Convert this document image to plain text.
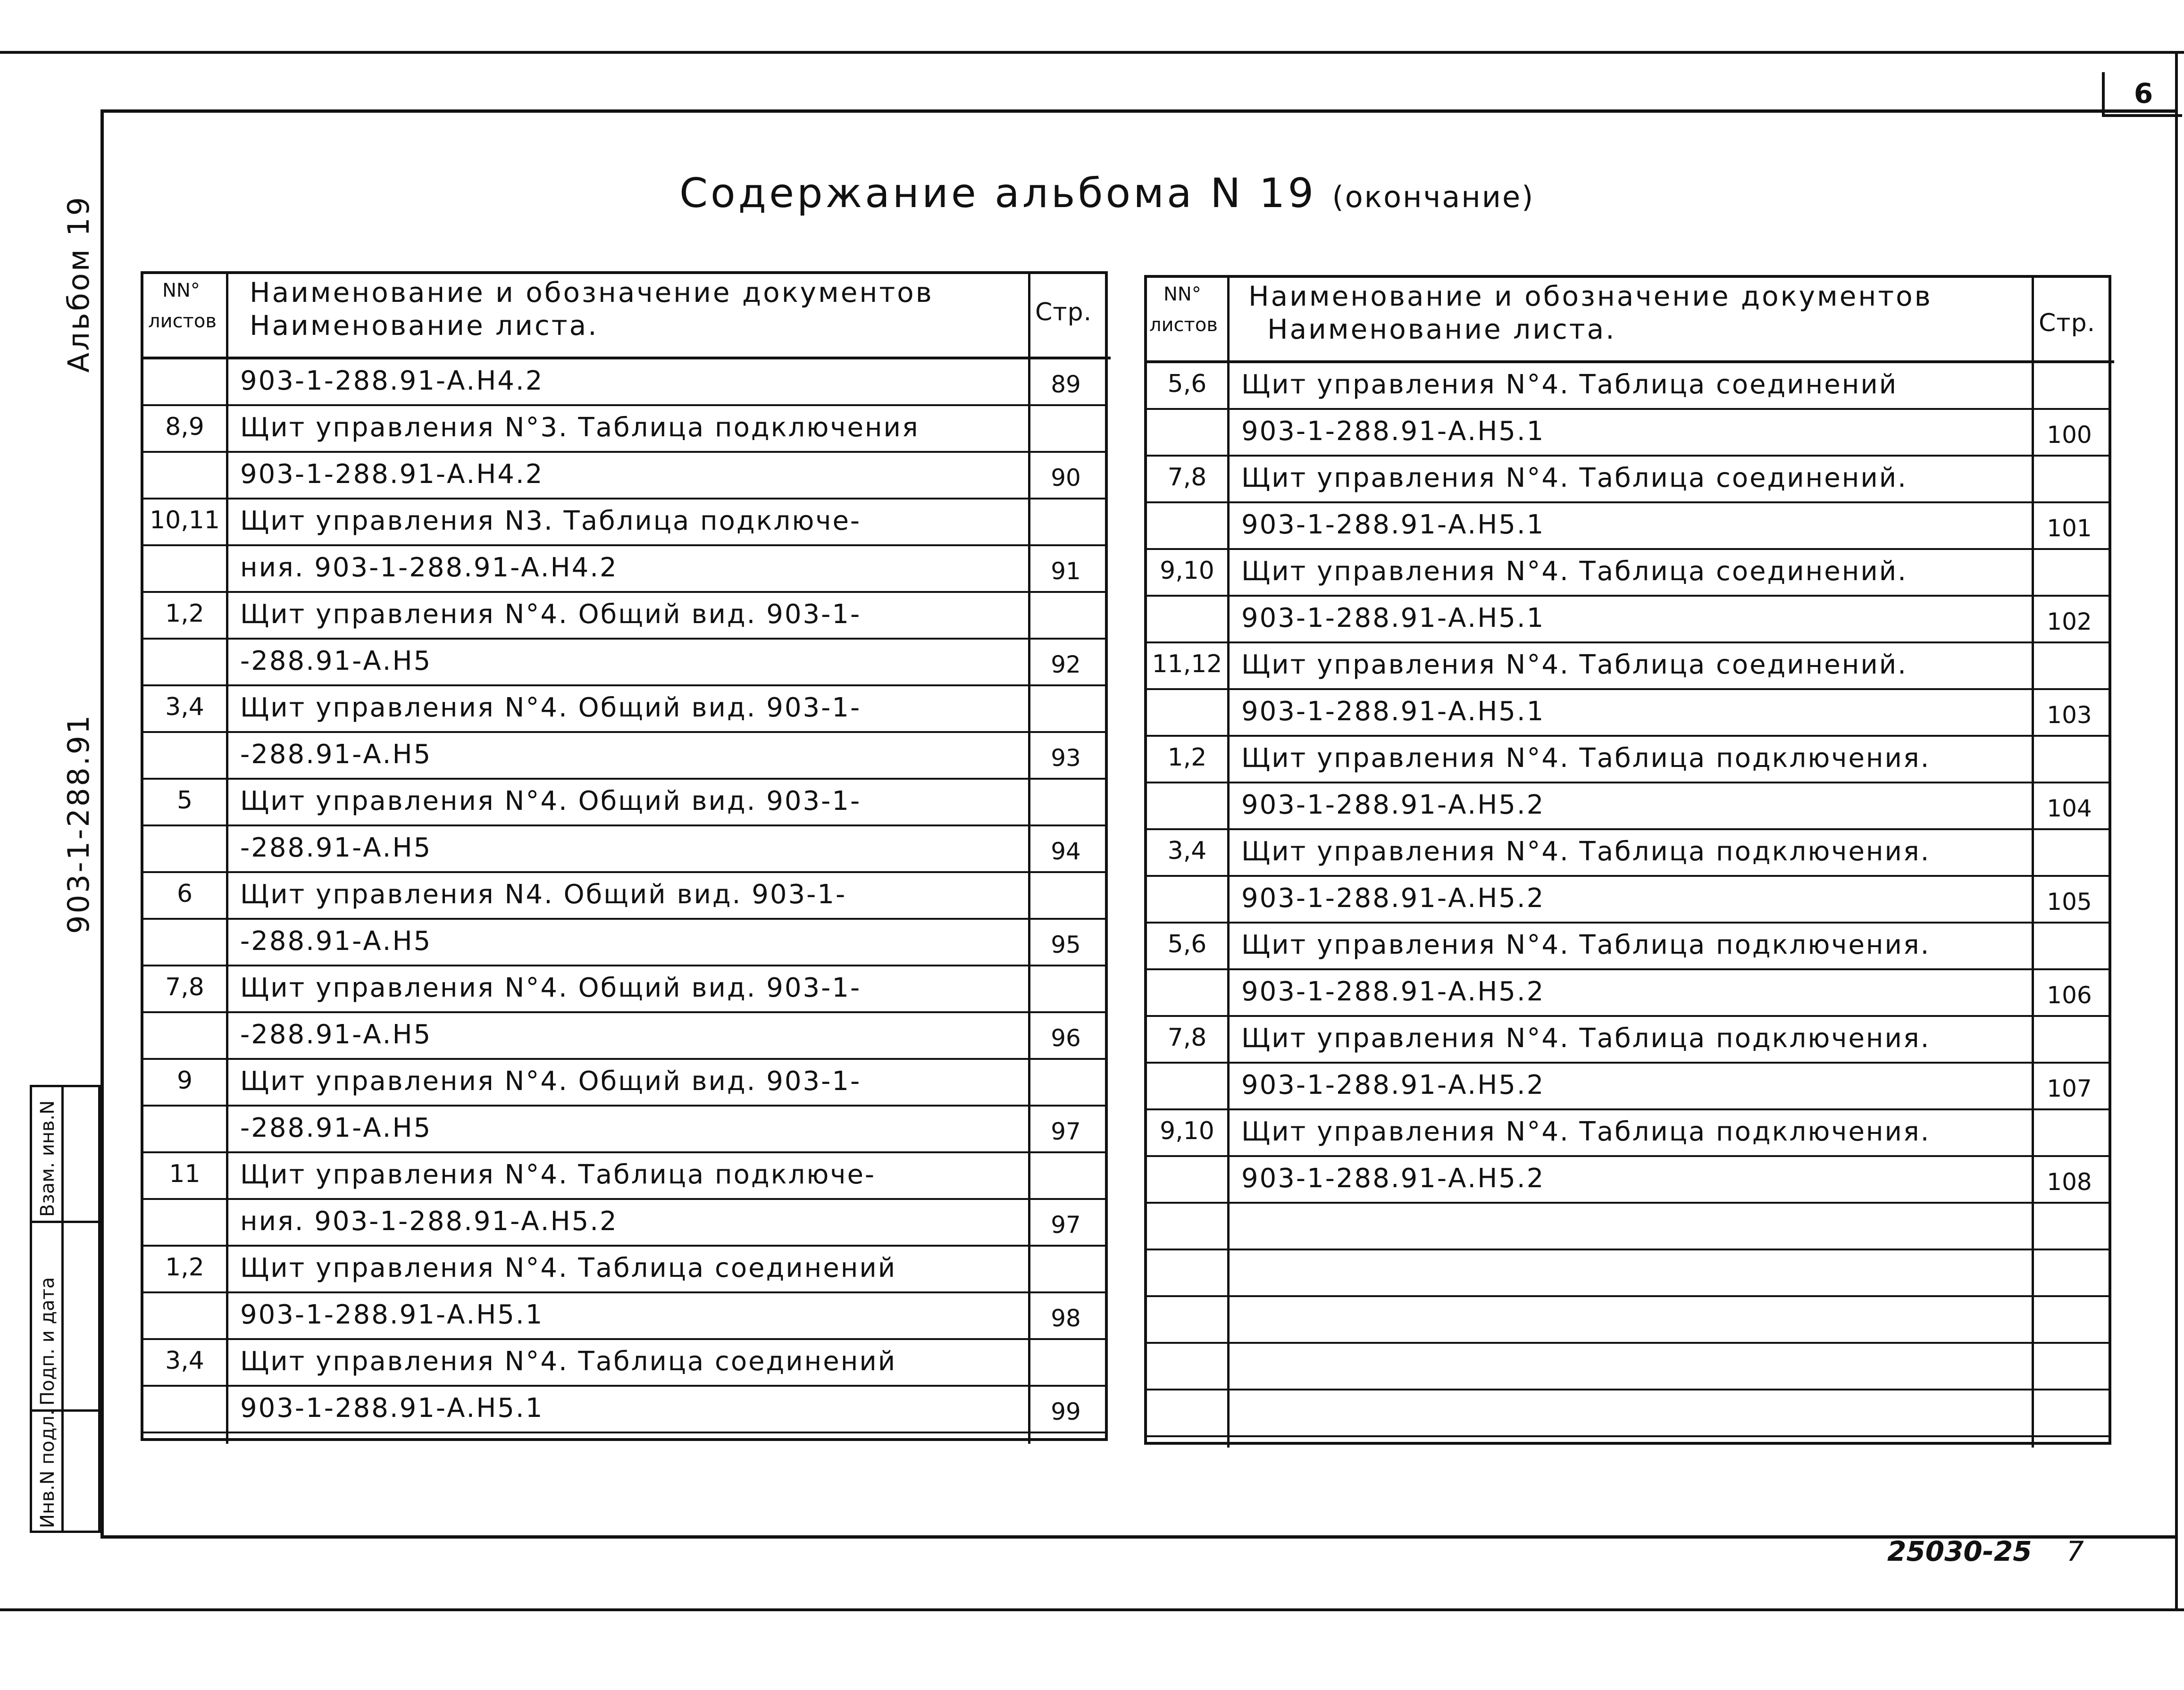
6
Содержание альбома N 19 (окончание)
Альбом 19
903-1-288.91
Взам. инв.N
Подп. и дата
Инв.N подл.
NN°
листов
Наименование и обозначение документов
Наименование листа.	Стр.
903-1-288.91-А.Н4.2	89
8,9	Щит управления N°3. Таблица подключения
903-1-288.91-А.Н4.2	90
10,11 Щит управления N3. Таблица подключе-
ния. 903-1-288.91-А.Н4.2	91
1,2	Щит управления N°4. Общий вид. 903-1-
-288.91-А.Н5	92
3,4	Щит управления N°4. Общий вид. 903-1-
-288.91-А.Н5	93
5	Щит управления N°4. Общий вид. 903-1-
-288.91-А.Н5	94
6	Щит управления N4. Общий вид. 903-1-
-288.91-А.Н5	95
7,8	Щит управления N°4. Общий вид. 903-1-
-288.91-А.Н5	96
9	Щит управления N°4. Общий вид. 903-1-
-288.91-А.Н5	97
11	Щит управления N°4. Таблица подключе-
ния. 903-1-288.91-А.Н5.2	97
1,2	Щит управления N°4. Таблица соединений
903-1-288.91-А.Н5.1	98
3,4	Щит управления N°4. Таблица соединений
903-1-288.91-А.Н5.1	99
NN°
листов
Наименование и обозначение документов
Наименование листа.	Стр.
5,6	Щит управления N°4. Таблица соединений
903-1-288.91-А.Н5.1	100
7,8	Щит управления N°4. Таблица соединений.
903-1-288.91-А.Н5.1	101
9,10	Щит управления N°4. Таблица соединений.
903-1-288.91-А.Н5.1	102
11,12 Щит управления N°4. Таблица соединений.
903-1-288.91-А.Н5.1	103
1,2	Щит управления N°4. Таблица подключения.
903-1-288.91-А.Н5.2	104
3,4	Щит управления N°4. Таблица подключения.
903-1-288.91-А.Н5.2	105
5,6	Щит управления N°4. Таблица подключения.
903-1-288.91-А.Н5.2	106
7,8	Щит управления N°4. Таблица подключения.
903-1-288.91-А.Н5.2	107
9,10	Щит управления N°4. Таблица подключения.
903-1-288.91-А.Н5.2	108
25030-25 7
